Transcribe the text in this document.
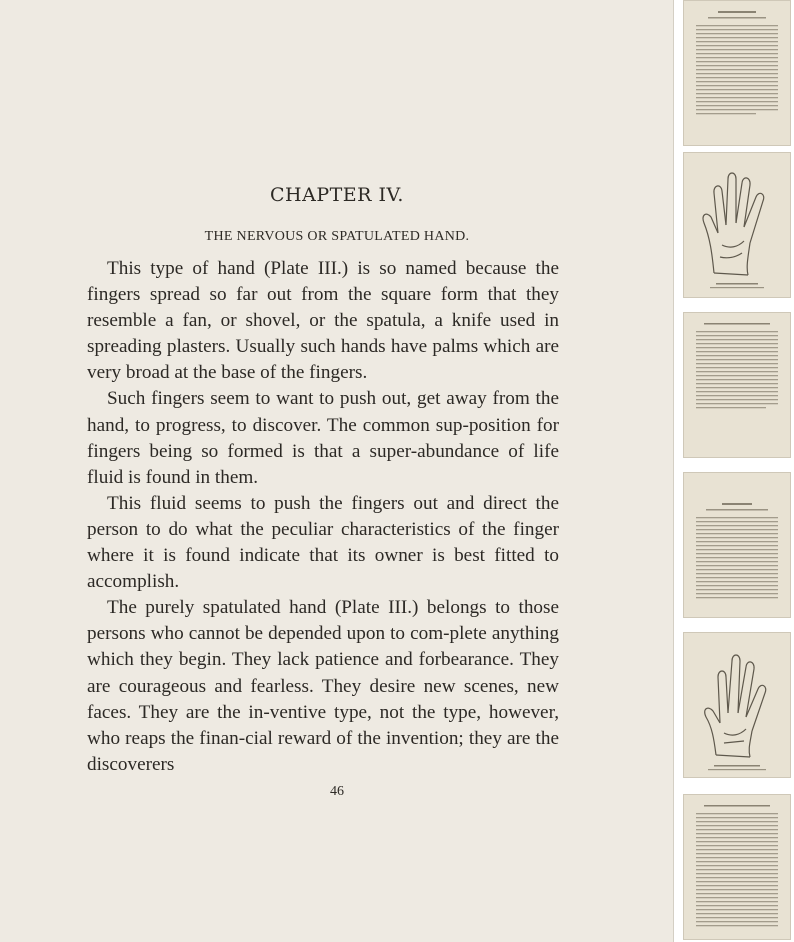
CHAPTER IV.
THE NERVOUS OR SPATULATED HAND.

This type of hand (Plate III.) is so named because the fingers spread so far out from the square form that they resemble a fan, or shovel, or the spatula, a knife used in spreading plasters. Usually such hands have palms which are very broad at the base of the fingers.

Such fingers seem to want to push out, get away from the hand, to progress, to discover. The common sup-position for fingers being so formed is that a super-abundance of life fluid is found in them.

This fluid seems to push the fingers out and direct the person to do what the peculiar characteristics of the finger where it is found indicate that its owner is best fitted to accomplish.

The purely spatulated hand (Plate III.) belongs to those persons who cannot be depended upon to com-plete anything which they begin. They lack patience and forbearance. They are courageous and fearless. They desire new scenes, new faces. They are the in-ventive type, not the type, however, who reaps the finan-cial reward of the invention; they are the discoverers

46
